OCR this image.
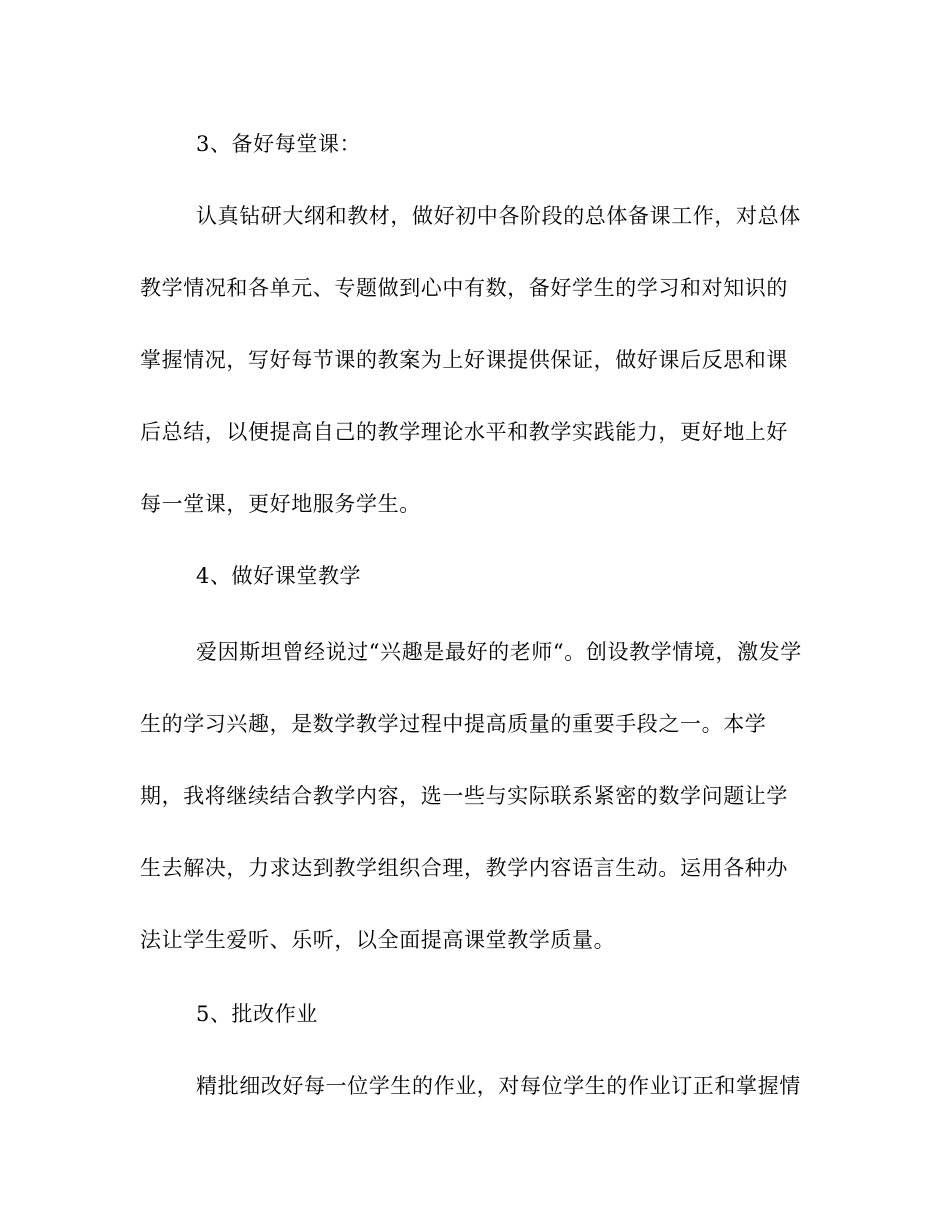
3、备好每堂课：
认真钻研大纲和教材，做好初中各阶段的总体备课工作，对总体
教学情况和各单元、专题做到心中有数，备好学生的学习和对知识的
掌握情况，写好每节课的教案为上好课提供保证，做好课后反思和课
后总结，以便提高自己的教学理论水平和教学实践能力，更好地上好
每一堂课，更好地服务学生。
4、做好课堂教学
爱因斯坦曾经说过“兴趣是最好的老师“。创设教学情境，激发学
生的学习兴趣，是数学教学过程中提高质量的重要手段之一。本学
期，我将继续结合教学内容，选一些与实际联系紧密的数学问题让学
生去解决，力求达到教学组织合理，教学内容语言生动。运用各种办
法让学生爱听、乐听，以全面提高课堂教学质量。
5、批改作业
精批细改好每一位学生的作业，对每位学生的作业订正和掌握情
